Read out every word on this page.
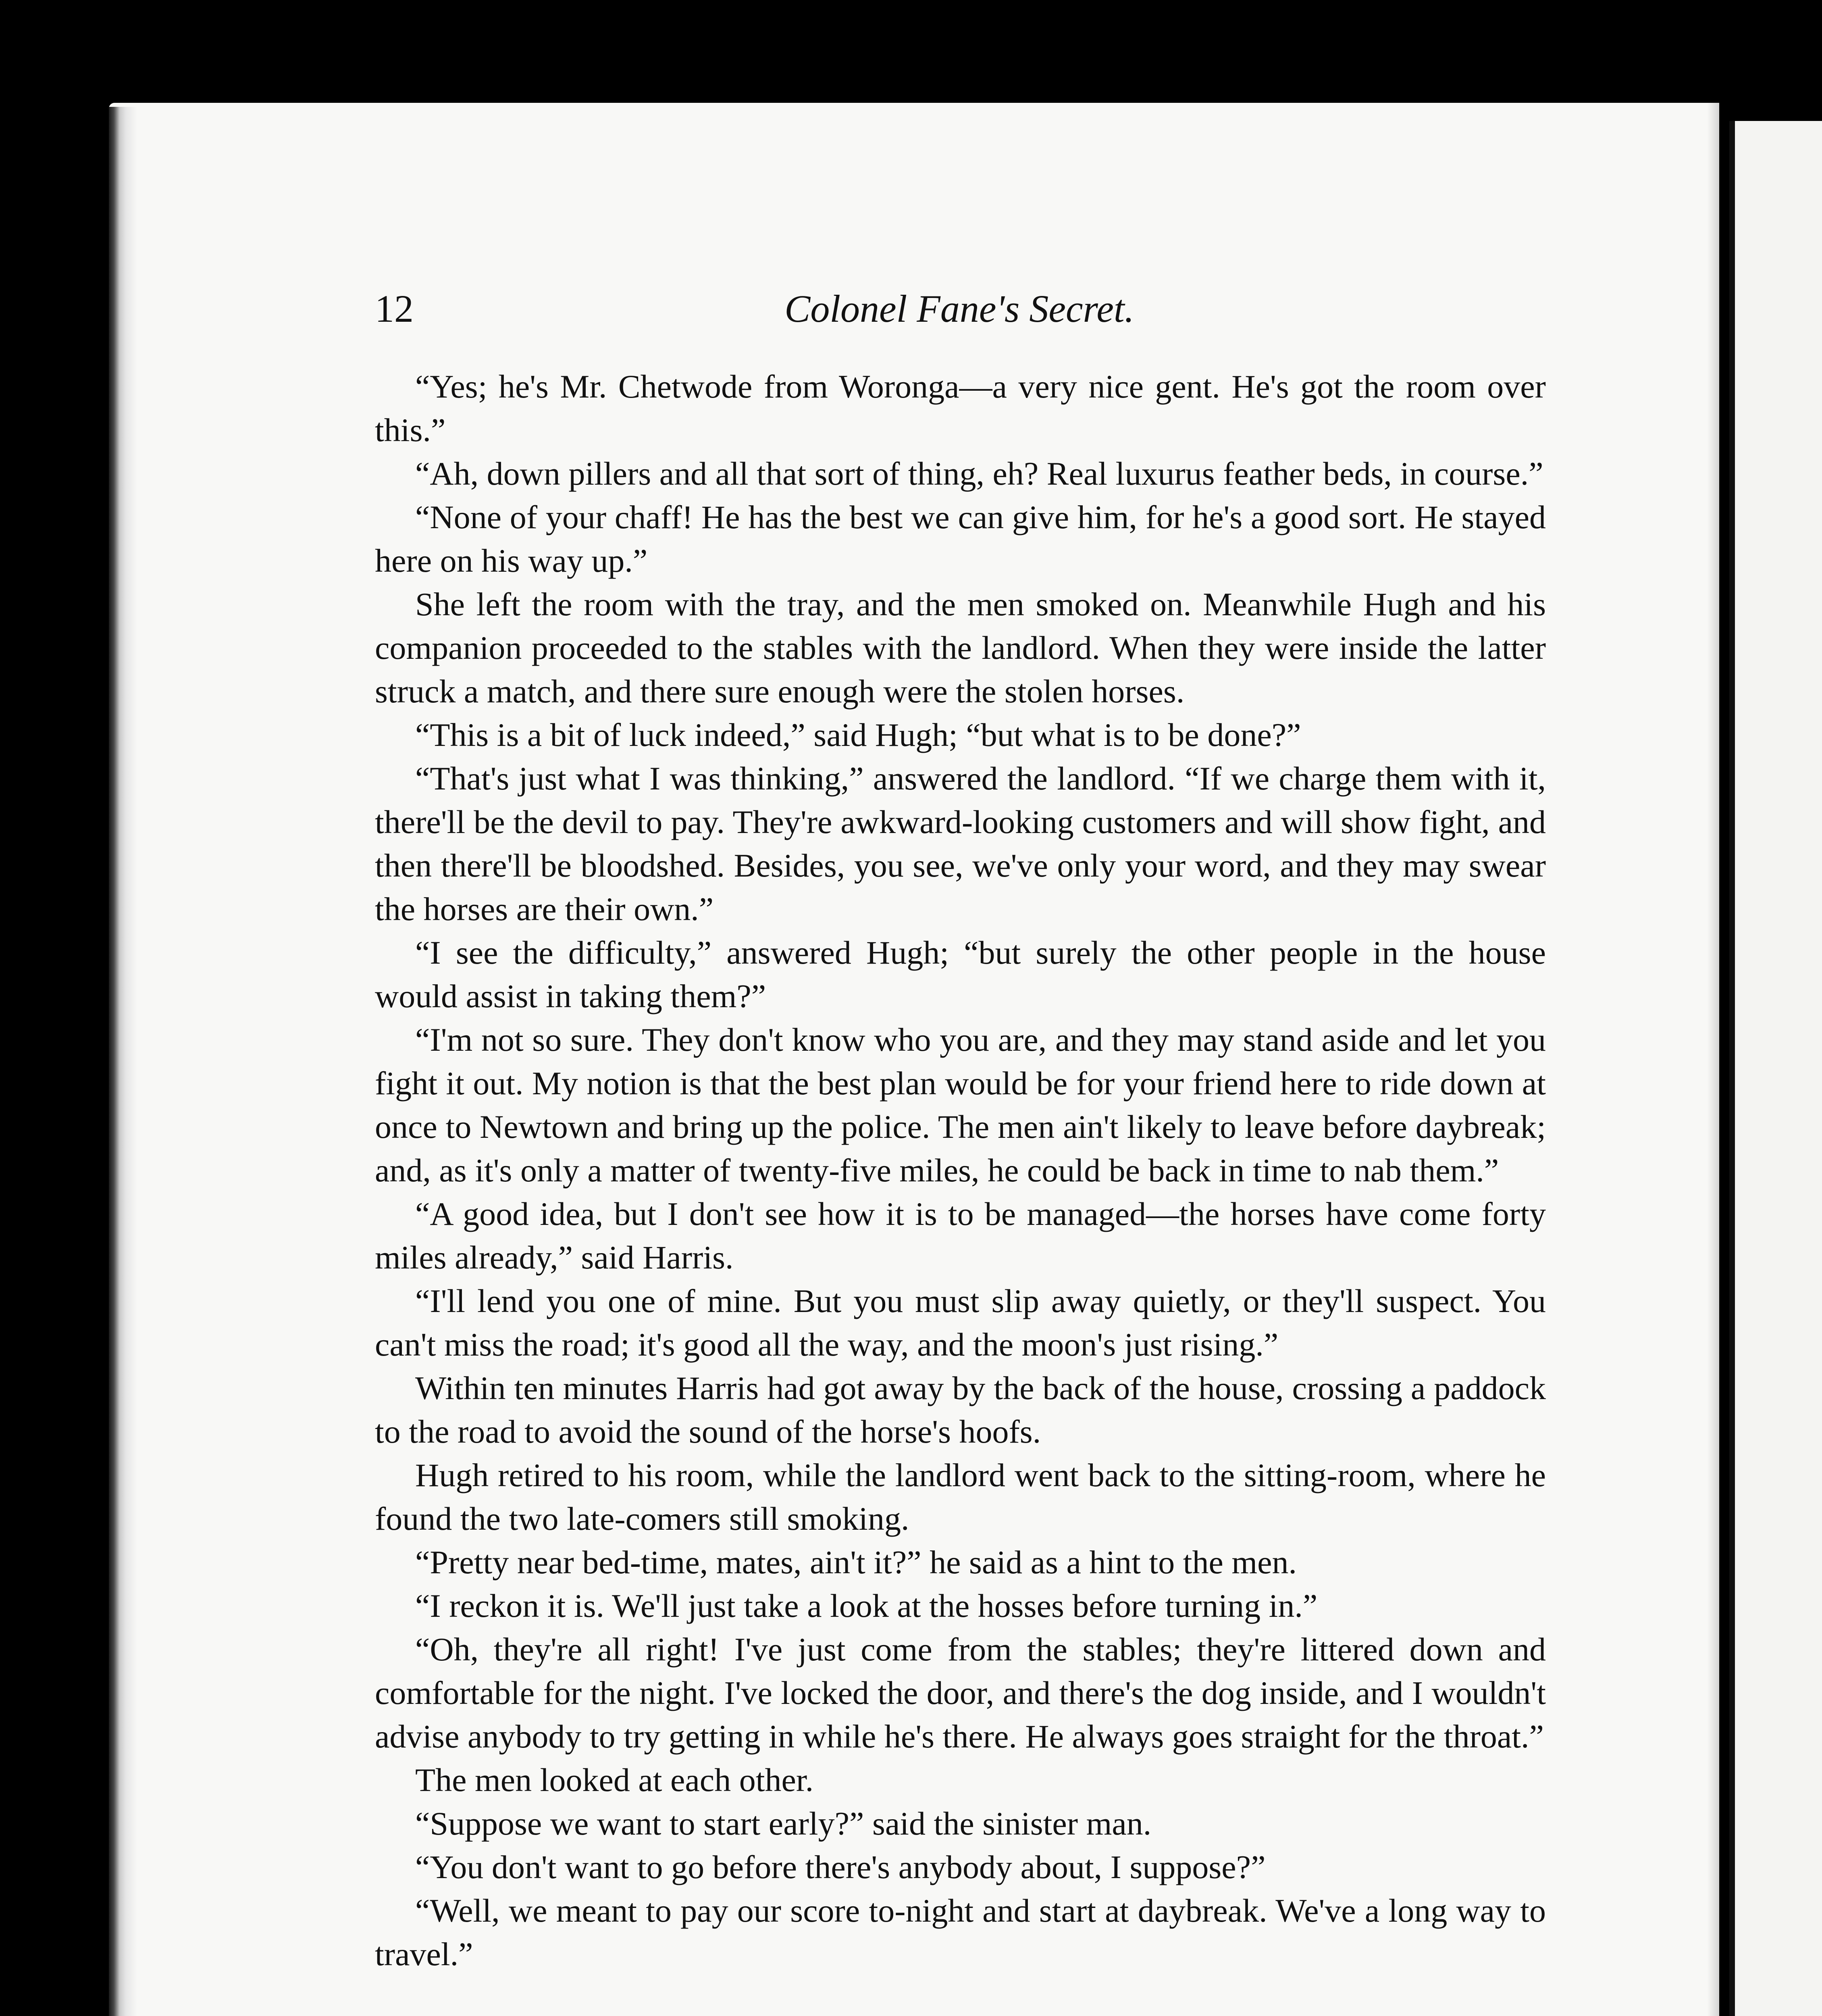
12	Colonel Fane's Secret.

“Yes; he's Mr. Chetwode from Woronga—a very nice gent. He's got the room over this.”

“Ah, down pillers and all that sort of thing, eh? Real luxurus feather beds, in course.”

“None of your chaff! He has the best we can give him, for he's a good sort. He stayed here on his way up.”

She left the room with the tray, and the men smoked on. Meanwhile Hugh and his companion proceeded to the stables with the landlord. When they were inside the latter struck a match, and there sure enough were the stolen horses.

“This is a bit of luck indeed,” said Hugh; “but what is to be done?”

“That's just what I was thinking,” answered the landlord. “If we charge them with it, there'll be the devil to pay. They're awkward-looking customers and will show fight, and then there'll be bloodshed. Besides, you see, we've only your word, and they may swear the horses are their own.”

“I see the difficulty,” answered Hugh; “but surely the other people in the house would assist in taking them?”

“I'm not so sure. They don't know who you are, and they may stand aside and let you fight it out. My notion is that the best plan would be for your friend here to ride down at once to Newtown and bring up the police. The men ain't likely to leave before daybreak; and, as it's only a matter of twenty-five miles, he could be back in time to nab them.”

“A good idea, but I don't see how it is to be managed—the horses have come forty miles already,” said Harris.

“I'll lend you one of mine. But you must slip away quietly, or they'll suspect. You can't miss the road; it's good all the way, and the moon's just rising.”

Within ten minutes Harris had got away by the back of the house, crossing a paddock to the road to avoid the sound of the horse's hoofs.

Hugh retired to his room, while the landlord went back to the sitting-room, where he found the two late-comers still smoking.

“Pretty near bed-time, mates, ain't it?” he said as a hint to the men.

“I reckon it is. We'll just take a look at the hosses before turning in.”

“Oh, they're all right! I've just come from the stables; they're littered down and comfortable for the night. I've locked the door, and there's the dog inside, and I wouldn't advise anybody to try getting in while he's there. He always goes straight for the throat.”

The men looked at each other.

“Suppose we want to start early?” said the sinister man.

“You don't want to go before there's anybody about, I suppose?”

“Well, we meant to pay our score to-night and start at daybreak. We've a long way to travel.”
